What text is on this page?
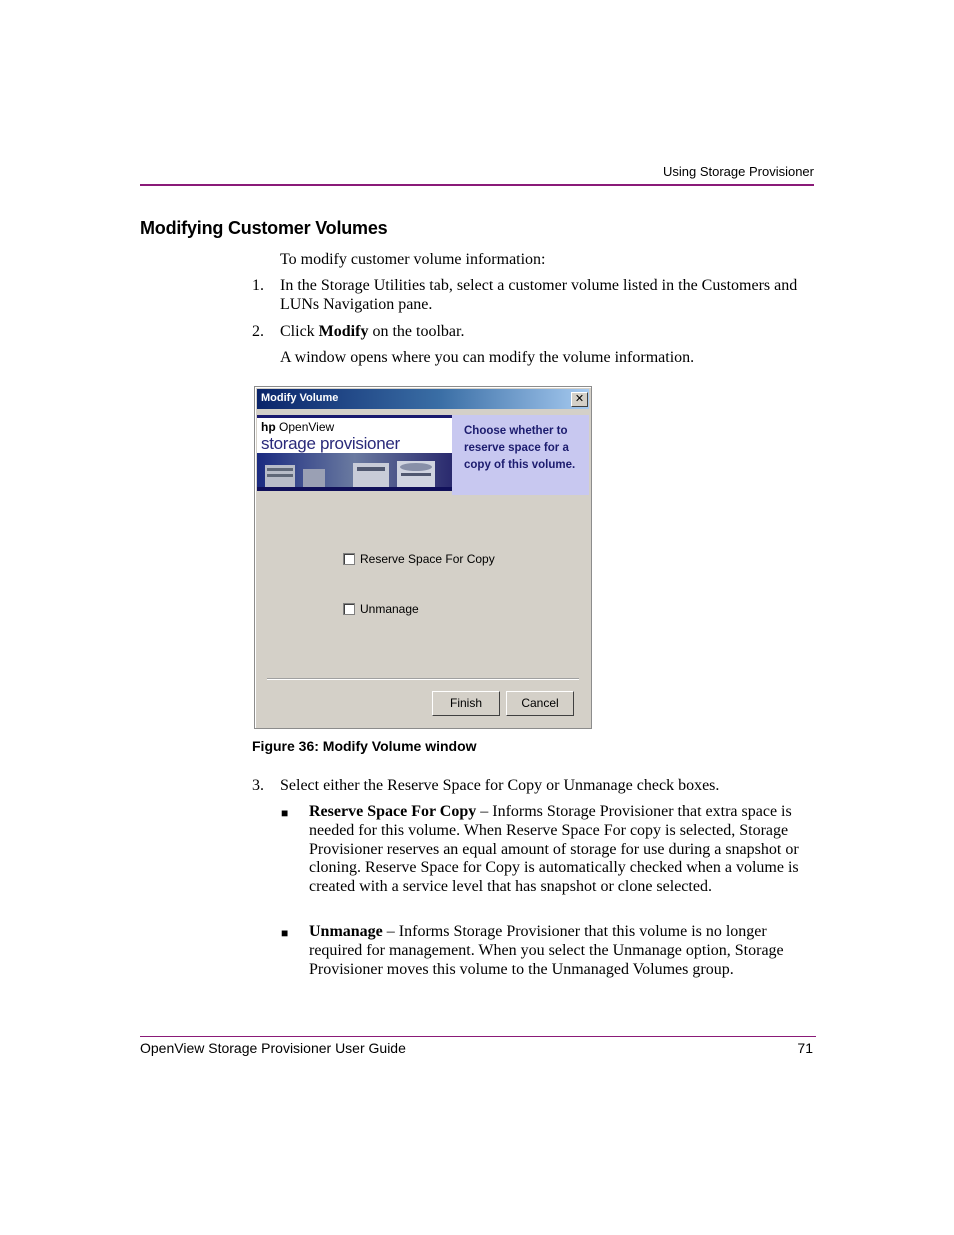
Using Storage Provisioner
Modifying Customer Volumes
To modify customer volume information:
1. In the Storage Utilities tab, select a customer volume listed in the Customers and LUNs Navigation pane.
2. Click Modify on the toolbar.
A window opens where you can modify the volume information.
Modify Volume	✕
hp OpenView
storage provisioner
Choose whether to reserve space for a copy of this volume.
Reserve Space For Copy
Unmanage
Finish	Cancel
Figure 36: Modify Volume window
3. Select either the Reserve Space for Copy or Unmanage check boxes.
■ Reserve Space For Copy – Informs Storage Provisioner that extra space is needed for this volume. When Reserve Space For copy is selected, Storage Provisioner reserves an equal amount of storage for use during a snapshot or cloning. Reserve Space for Copy is automatically checked when a volume is created with a service level that has snapshot or clone selected.
■ Unmanage – Informs Storage Provisioner that this volume is no longer required for management. When you select the Unmanage option, Storage Provisioner moves this volume to the Unmanaged Volumes group.
OpenView Storage Provisioner User Guide	71
